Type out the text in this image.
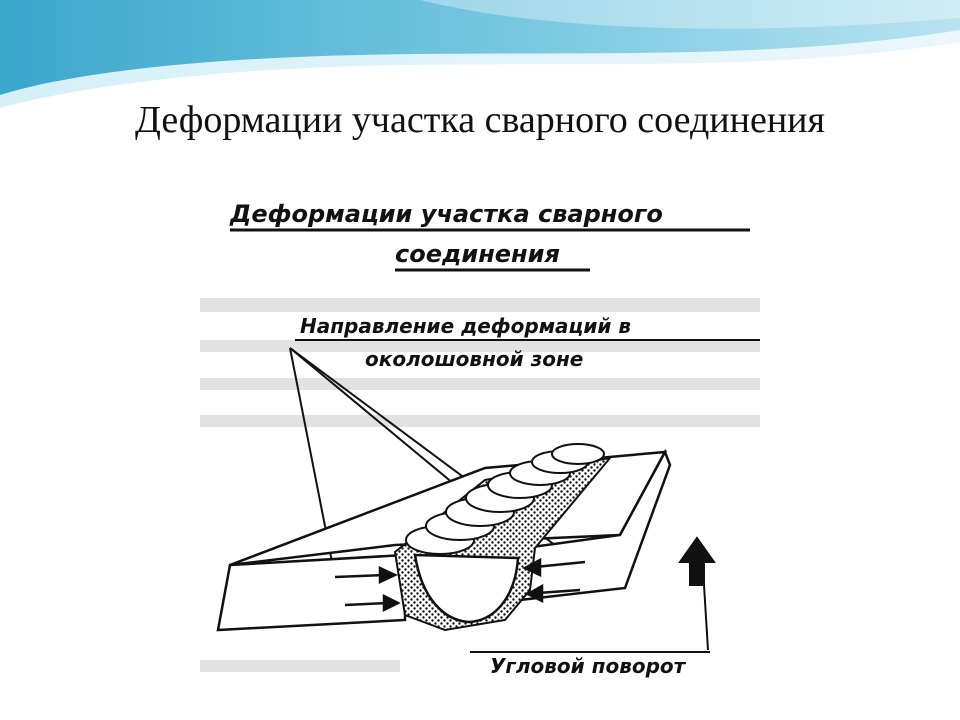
Деформации участка сварного соединения
Деформации участка сварного
соединения
Направление деформаций в
околошовной зоне
Угловой поворот
